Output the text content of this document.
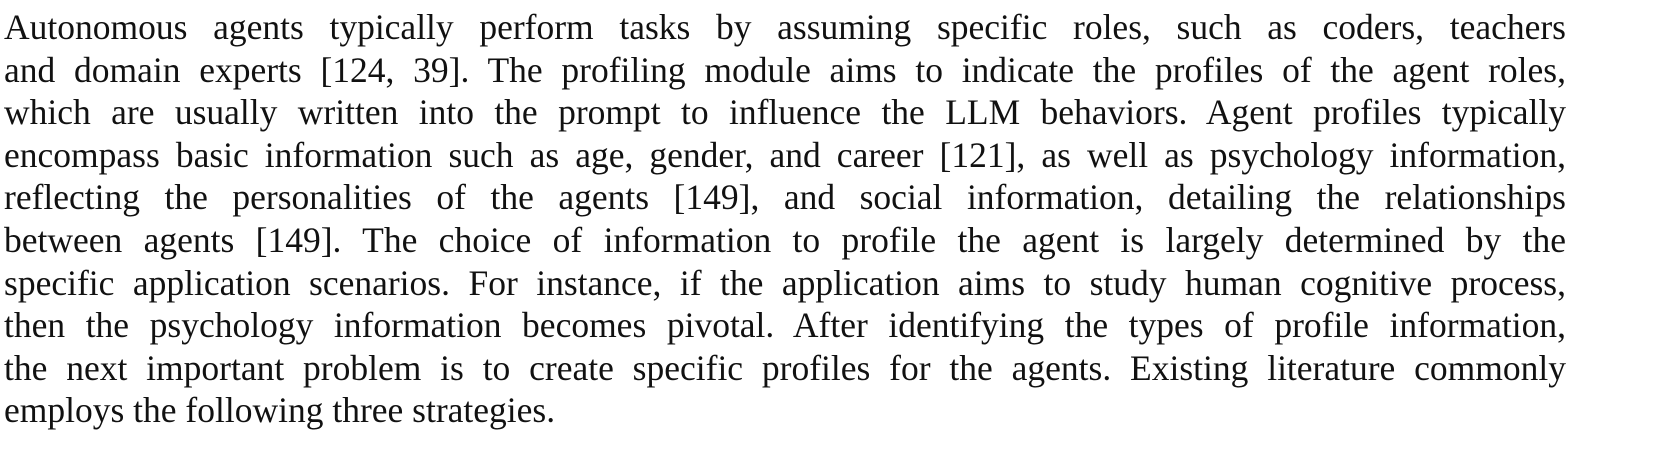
Autonomous agents typically perform tasks by assuming specific roles, such as coders, teachers
and domain experts [124, 39]. The profiling module aims to indicate the profiles of the agent roles,
which are usually written into the prompt to influence the LLM behaviors. Agent profiles typically
encompass basic information such as age, gender, and career [121], as well as psychology information,
reflecting the personalities of the agents [149], and social information, detailing the relationships
between agents [149]. The choice of information to profile the agent is largely determined by the
specific application scenarios. For instance, if the application aims to study human cognitive process,
then the psychology information becomes pivotal. After identifying the types of profile information,
the next important problem is to create specific profiles for the agents. Existing literature commonly
employs the following three strategies.
